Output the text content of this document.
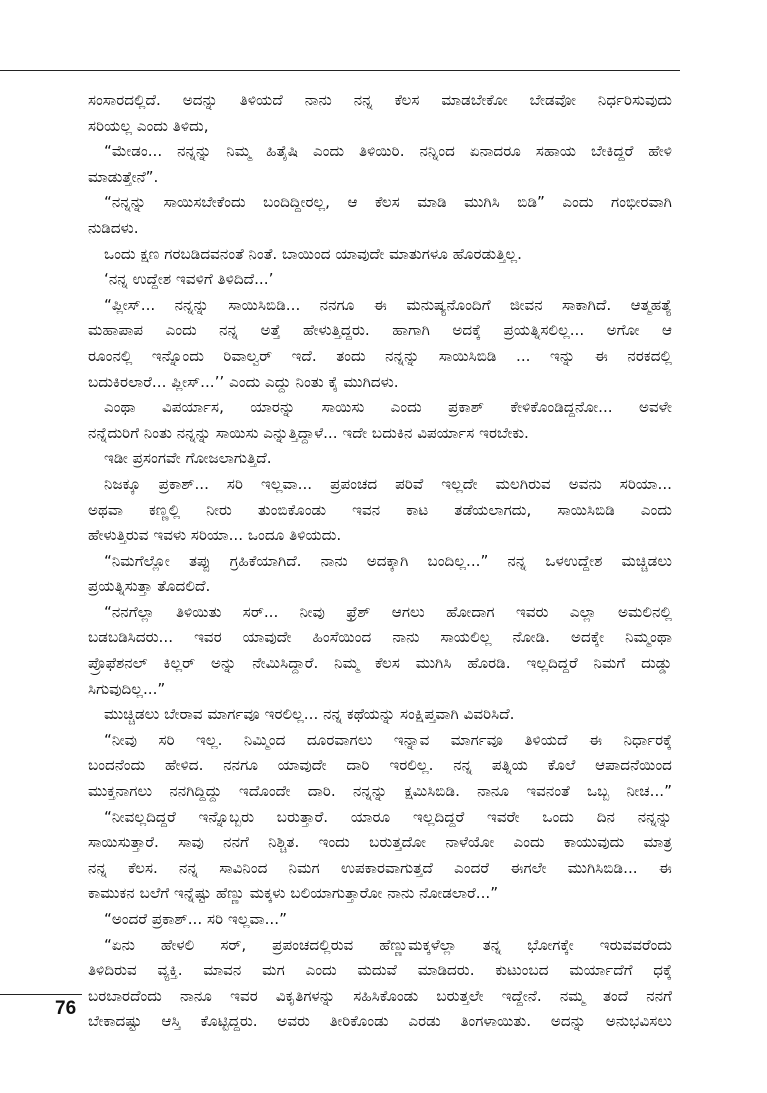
ಸಂಸಾರದಲ್ಲಿದೆ. ಅದನ್ನು ತಿಳಿಯದೆ ನಾನು ನನ್ನ ಕೆಲಸ ಮಾಡಬೇಕೋ ಬೇಡವೋ ನಿರ್ಧರಿಸುವುದು
ಸರಿಯಲ್ಲ ಎಂದು ತಿಳಿದು,
“ಮೇಡಂ... ನನ್ನನ್ನು ನಿಮ್ಮ ಹಿತೈಷಿ ಎಂದು ತಿಳಿಯಿರಿ. ನನ್ನಿಂದ ಏನಾದರೂ ಸಹಾಯ ಬೇಕಿದ್ದರೆ ಹೇಳಿ
ಮಾಡುತ್ತೇನೆ”.
“ನನ್ನನ್ನು ಸಾಯಿಸಬೇಕೆಂದು ಬಂದಿದ್ದೀರಲ್ಲ, ಆ ಕೆಲಸ ಮಾಡಿ ಮುಗಿಸಿ ಬಿಡಿ” ಎಂದು ಗಂಭೀರವಾಗಿ
ನುಡಿದಳು.
ಒಂದು ಕ್ಷಣ ಗರಬಡಿದವನಂತೆ ನಿಂತೆ. ಬಾಯಿಂದ ಯಾವುದೇ ಮಾತುಗಳೂ ಹೊರಡುತ್ತಿಲ್ಲ.
‘ನನ್ನ ಉದ್ದೇಶ ಇವಳಿಗೆ ತಿಳಿದಿದೆ...’
“ಪ್ಲೀಸ್... ನನ್ನನ್ನು ಸಾಯಿಸಿಬಿಡಿ... ನನಗೂ ಈ ಮನುಷ್ಯನೊಂದಿಗೆ ಜೀವನ ಸಾಕಾಗಿದೆ. ಆತ್ಮಹತ್ಯೆ
ಮಹಾಪಾಪ ಎಂದು ನನ್ನ ಅತ್ತೆ ಹೇಳುತ್ತಿದ್ದರು. ಹಾಗಾಗಿ ಅದಕ್ಕೆ ಪ್ರಯತ್ನಿಸಲಿಲ್ಲ... ಅಗೋ ಆ
ರೂಂನಲ್ಲಿ ಇನ್ನೊಂದು ರಿವಾಲ್ವರ್ ಇದೆ. ತಂದು ನನ್ನನ್ನು ಸಾಯಿಸಿಬಿಡಿ ... ಇನ್ನು ಈ ನರಕದಲ್ಲಿ
ಬದುಕಿರಲಾರೆ... ಪ್ಲೀಸ್...’’ ಎಂದು ಎದ್ದು ನಿಂತು ಕೈ ಮುಗಿದಳು.
ಎಂಥಾ ವಿಪರ್ಯಾಸ, ಯಾರನ್ನು ಸಾಯಿಸು ಎಂದು ಪ್ರಕಾಶ್ ಕೇಳಿಕೊಂಡಿದ್ದನೋ... ಅವಳೇ
ನನ್ನೆದುರಿಗೆ ನಿಂತು ನನ್ನನ್ನು ಸಾಯಿಸು ಎನ್ನುತ್ತಿದ್ದಾಳೆ... ಇದೇ ಬದುಕಿನ ವಿಪರ್ಯಾಸ ಇರಬೇಕು.
ಇಡೀ ಪ್ರಸಂಗವೇ ಗೋಜಲಾಗುತ್ತಿದೆ.
ನಿಜಕ್ಕೂ ಪ್ರಕಾಶ್... ಸರಿ ಇಲ್ಲವಾ... ಪ್ರಪಂಚದ ಪರಿವೆ ಇಲ್ಲದೇ ಮಲಗಿರುವ ಅವನು ಸರಿಯಾ...
ಅಥವಾ ಕಣ್ಣಲ್ಲಿ ನೀರು ತುಂಬಿಕೊಂಡು ಇವನ ಕಾಟ ತಡೆಯಲಾಗದು, ಸಾಯಿಸಿಬಿಡಿ ಎಂದು
ಹೇಳುತ್ತಿರುವ ಇವಳು ಸರಿಯಾ... ಒಂದೂ ತಿಳಿಯದು.
“ನಿಮಗೆಲ್ಲೋ ತಪ್ಪು ಗ್ರಹಿಕೆಯಾಗಿದೆ. ನಾನು ಅದಕ್ಕಾಗಿ ಬಂದಿಲ್ಲ...” ನನ್ನ ಒಳಉದ್ದೇಶ ಮಚ್ಚಿಡಲು
ಪ್ರಯತ್ನಿಸುತ್ತಾ ತೊದಲಿದೆ.
“ನನಗೆಲ್ಲಾ ತಿಳಿಯಿತು ಸರ್... ನೀವು ಫ್ರೆಶ್ ಆಗಲು ಹೋದಾಗ ಇವರು ಎಲ್ಲಾ ಅಮಲಿನಲ್ಲಿ
ಬಡಬಡಿಸಿದರು... ಇವರ ಯಾವುದೇ ಹಿಂಸೆಯಿಂದ ನಾನು ಸಾಯಲಿಲ್ಲ ನೋಡಿ. ಅದಕ್ಕೇ ನಿಮ್ಮಂಥಾ
ಪ್ರೊಫೆಶನಲ್ ಕಿಲ್ಲರ್ ಅನ್ನು ನೇಮಿಸಿದ್ದಾರೆ. ನಿಮ್ಮ ಕೆಲಸ ಮುಗಿಸಿ ಹೊರಡಿ. ಇಲ್ಲದಿದ್ದರೆ ನಿಮಗೆ ದುಡ್ಡು
ಸಿಗುವುದಿಲ್ಲ...”
ಮುಚ್ಚಿಡಲು ಬೇರಾವ ಮಾರ್ಗವೂ ಇರಲಿಲ್ಲ... ನನ್ನ ಕಥೆಯನ್ನು ಸಂಕ್ಷಿಪ್ತವಾಗಿ ವಿವರಿಸಿದೆ.
“ನೀವು ಸರಿ ಇಲ್ಲ. ನಿಮ್ಮಿಂದ ದೂರವಾಗಲು ಇನ್ನಾವ ಮಾರ್ಗವೂ ತಿಳಿಯದೆ ಈ ನಿರ್ಧಾರಕ್ಕೆ
ಬಂದನೆಂದು ಹೇಳಿದ. ನನಗೂ ಯಾವುದೇ ದಾರಿ ಇರಲಿಲ್ಲ. ನನ್ನ ಪತ್ನಿಯ ಕೊಲೆ ಆಪಾದನೆಯಿಂದ
ಮುಕ್ತನಾಗಲು ನನಗಿದ್ದಿದ್ದು ಇದೊಂದೇ ದಾರಿ. ನನ್ನನ್ನು ಕ್ಷಮಿಸಿಬಿಡಿ. ನಾನೂ ಇವನಂತೆ ಒಬ್ಬ ನೀಚ...”
“ನೀವಲ್ಲದಿದ್ದರೆ ಇನ್ನೊಬ್ಬರು ಬರುತ್ತಾರೆ. ಯಾರೂ ಇಲ್ಲದಿದ್ದರೆ ಇವರೇ ಒಂದು ದಿನ ನನ್ನನ್ನು
ಸಾಯಿಸುತ್ತಾರೆ. ಸಾವು ನನಗೆ ನಿಶ್ಚಿತ. ಇಂದು ಬರುತ್ತದೋ ನಾಳೆಯೋ ಎಂದು ಕಾಯುವುದು ಮಾತ್ರ
ನನ್ನ ಕೆಲಸ. ನನ್ನ ಸಾವಿನಿಂದ ನಿಮಗ ಉಪಕಾರವಾಗುತ್ತದೆ ಎಂದರೆ ಈಗಲೇ ಮುಗಿಸಿಬಿಡಿ... ಈ
ಕಾಮುಕನ ಬಲೆಗೆ ಇನ್ನೆಷ್ಟು ಹೆಣ್ಣು ಮಕ್ಕಳು ಬಲಿಯಾಗುತ್ತಾರೋ ನಾನು ನೋಡಲಾರೆ...”
“ಅಂದರೆ ಪ್ರಕಾಶ್... ಸರಿ ಇಲ್ಲವಾ...”
“ಏನು ಹೇಳಲಿ ಸರ್, ಪ್ರಪಂಚದಲ್ಲಿರುವ ಹೆಣ್ಣುಮಕ್ಕಳೆಲ್ಲಾ ತನ್ನ ಭೋಗಕ್ಕೇ ಇರುವವರೆಂದು
ತಿಳಿದಿರುವ ವ್ಯಕ್ತಿ. ಮಾವನ ಮಗ ಎಂದು ಮದುವೆ ಮಾಡಿದರು. ಕುಟುಂಬದ ಮರ್ಯಾದೆಗೆ ಧಕ್ಕೆ
ಬರಬಾರದೆಂದು ನಾನೂ ಇವರ ವಿಕೃತಿಗಳನ್ನು ಸಹಿಸಿಕೊಂಡು ಬರುತ್ತಲೇ ಇದ್ದೇನೆ. ನಮ್ಮ ತಂದೆ ನನಗೆ
ಬೇಕಾದಷ್ಟು ಆಸ್ತಿ ಕೊಟ್ಟಿದ್ದರು. ಅವರು ತೀರಿಕೊಂಡು ಎರಡು ತಿಂಗಳಾಯಿತು. ಅದನ್ನು ಅನುಭವಿಸಲು
76
